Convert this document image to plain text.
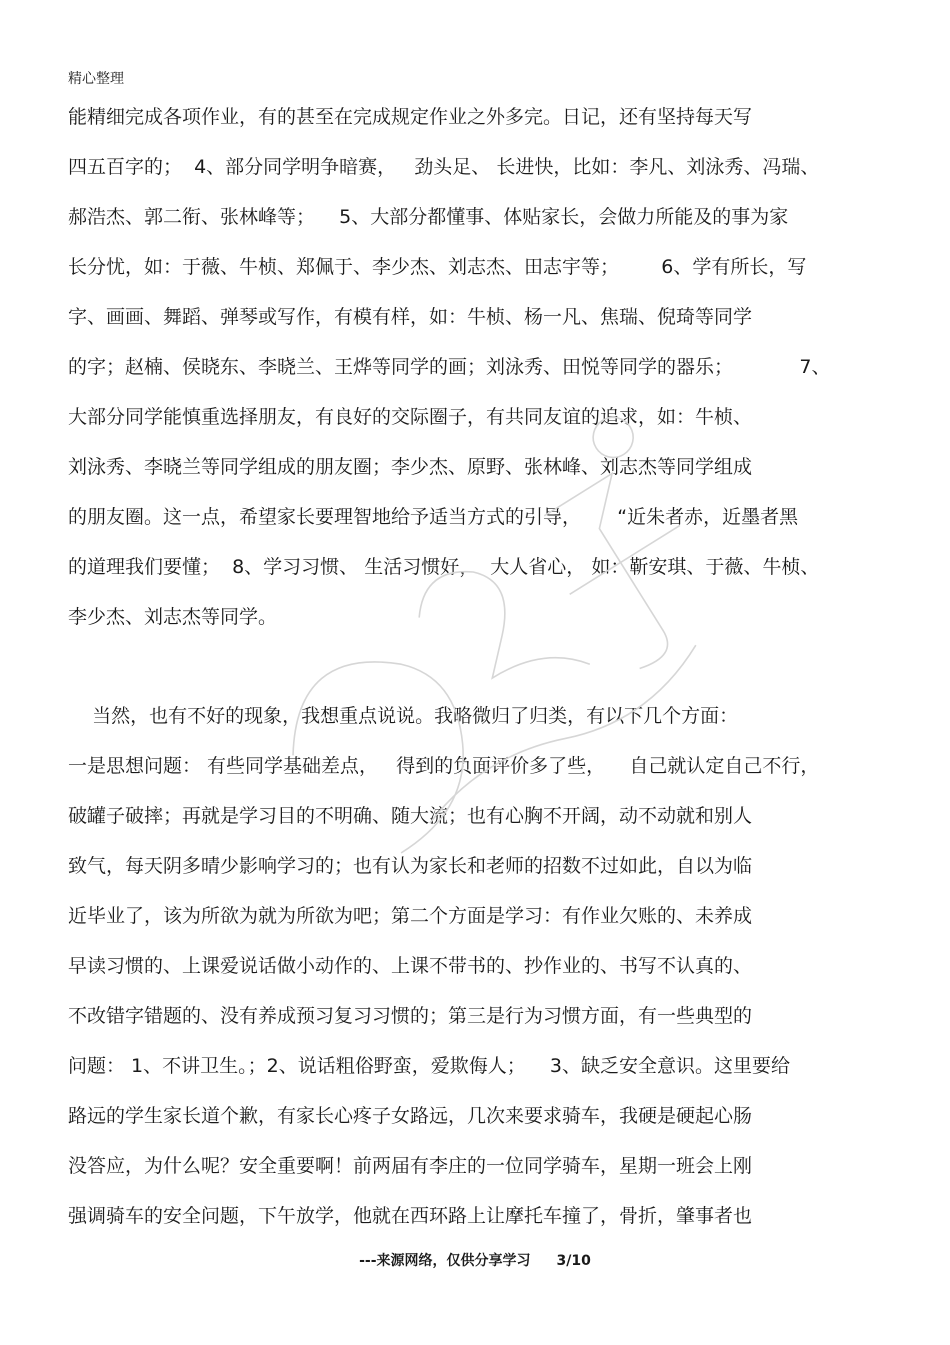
精心整理
能精细完成各项作业，有的甚至在完成规定作业之外多完。日记，还有坚持每天写
四五百字的；  4、部分同学明争暗赛，   劲头足、 长进快，比如：李凡、刘泳秀、冯瑞、
郝浩杰、郭二衔、张林峰等；    5、大部分都懂事、体贴家长，会做力所能及的事为家
长分忧，如：于薇、牛桢、郑佩于、李少杰、刘志杰、田志宇等；       6、学有所长，写
字、画画、舞蹈、弹琴或写作，有模有样，如：牛桢、杨一凡、焦瑞、倪琦等同学
的字；赵楠、侯晓东、李晓兰、王烨等同学的画；刘泳秀、田悦等同学的器乐；           7、
大部分同学能慎重选择朋友，有良好的交际圈子，有共同友谊的追求，如：牛桢、
刘泳秀、李晓兰等同学组成的朋友圈；李少杰、原野、张林峰、刘志杰等同学组成
的朋友圈。这一点，希望家长要理智地给予适当方式的引导，      “近朱者赤，近墨者黑
的道理我们要懂；  8、学习习惯、 生活习惯好，  大人省心， 如：靳安琪、于薇、牛桢、
李少杰、刘志杰等同学。
当然，也有不好的现象，我想重点说说。我略微归了归类，有以下几个方面：
一是思想问题： 有些同学基础差点，   得到的负面评价多了些，    自己就认定自己不行，
破罐子破摔；再就是学习目的不明确、随大流；也有心胸不开阔，动不动就和别人
致气，每天阴多晴少影响学习的；也有认为家长和老师的招数不过如此，自以为临
近毕业了，该为所欲为就为所欲为吧；第二个方面是学习：有作业欠账的、未养成
早读习惯的、上课爱说话做小动作的、上课不带书的、抄作业的、书写不认真的、
不改错字错题的、没有养成预习复习习惯的；第三是行为习惯方面，有一些典型的
问题： 1、不讲卫生。；2、说话粗俗野蛮，爱欺侮人；    3、缺乏安全意识。这里要给
路远的学生家长道个歉，有家长心疼子女路远，几次来要求骑车，我硬是硬起心肠
没答应，为什么呢？安全重要啊！前两届有李庄的一位同学骑车，星期一班会上刚
强调骑车的安全问题，下午放学，他就在西环路上让摩托车撞了，骨折，肇事者也
---来源网络，仅供分享学习 3/10
